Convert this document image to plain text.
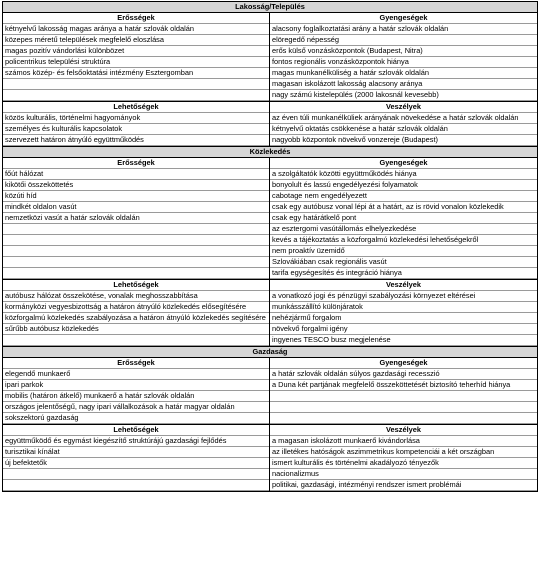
Lakosság/Település
Erősségek
kétnyelvű lakosság magas aránya a határ szlovák oldalán
közepes méretű települések megfelelő eloszlása
magas pozitív vándorlási különbözet
policentrikus települési struktúra
számos közép- és felsőoktatási intézmény Esztergomban
Gyengeségek
alacsony foglalkoztatási arány a határ szlovák oldalán
elöregedő népesség
erős külső vonzásközpontok (Budapest, Nitra)
fontos regionális vonzásközpontok hiánya
magas munkanélküliség a határ szlovák oldalán
magasan iskolázott lakosság alacsony aránya
nagy számú kistelepülés (2000 lakosnál kevesebb)
Lehetőségek
közös kulturális, történelmi hagyományok
személyes és kulturális kapcsolatok
szervezett határon átnyúló együttműködés
Veszélyek
az éven túli munkanélküliek arányának növekedése a határ szlovák oldalán
kétnyelvű oktatás csökkenése a határ szlovák oldalán
nagyobb központok növekvő vonzereje (Budapest)
Közlekedés
Erősségek
főút hálózat
kikötői összeköttetés
közúti híd
mindkét oldalon vasút
nemzetközi vasút a határ szlovák oldalán
Gyengeségek
a szolgáltatók közötti együttműködés hiánya
bonyolult és lassú engedélyezési folyamatok
cabotage nem engedélyezett
csak egy autóbusz vonal lépi át a határt, az is rövid vonalon közlekedik
csak egy határátkelő pont
az esztergomi vasútállomás elhelyezkedése
kevés a tájékoztatás a közforgalmú közlekedési lehetőségekről
nem proaktív üzemidő
Szlovákiában csak regionális vasút
tarifa egységesítés és integráció hiánya
Lehetőségek
autóbusz hálózat összekötése, vonalak meghosszabbítása
kormányközi vegyesbizottság a határon átnyúló közlekedés elősegítésére
közforgalmú közlekedés szabályozása a határon átnyúló közlekedés segítésére
sűrűbb autóbusz közlekedés
Veszélyek
a vonatkozó jogi és pénzügyi szabályozási környezet eltérései
munkásszállító különjáratok
nehézjármű forgalom
növekvő forgalmi igény
ingyenes TESCO busz megjelenése
Gazdaság
Erősségek
elegendő munkaerő
ipari parkok
mobilis (határon átkelő) munkaerő a határ szlovák oldalán
országos jelentőségű, nagy ipari vállalkozások a határ magyar oldalán
sokszektorú gazdaság
Gyengeségek
a határ szlovák oldalán súlyos gazdasági recesszió
a Duna két partjának megfelelő összeköttetését biztosító teherhíd hiánya
Lehetőségek
együttműködő és egymást kiegészítő struktúrájú gazdasági fejlődés
turisztikai kínálat
új befektetők
Veszélyek
a magasan iskolázott munkaerő kivándorlása
az illetékes hatóságok aszimmetrikus kompetenciái a két országban
ismert kulturális és történelmi akadályozó tényezők
nacionalizmus
politikai, gazdasági, intézményi rendszer ismert problémái
